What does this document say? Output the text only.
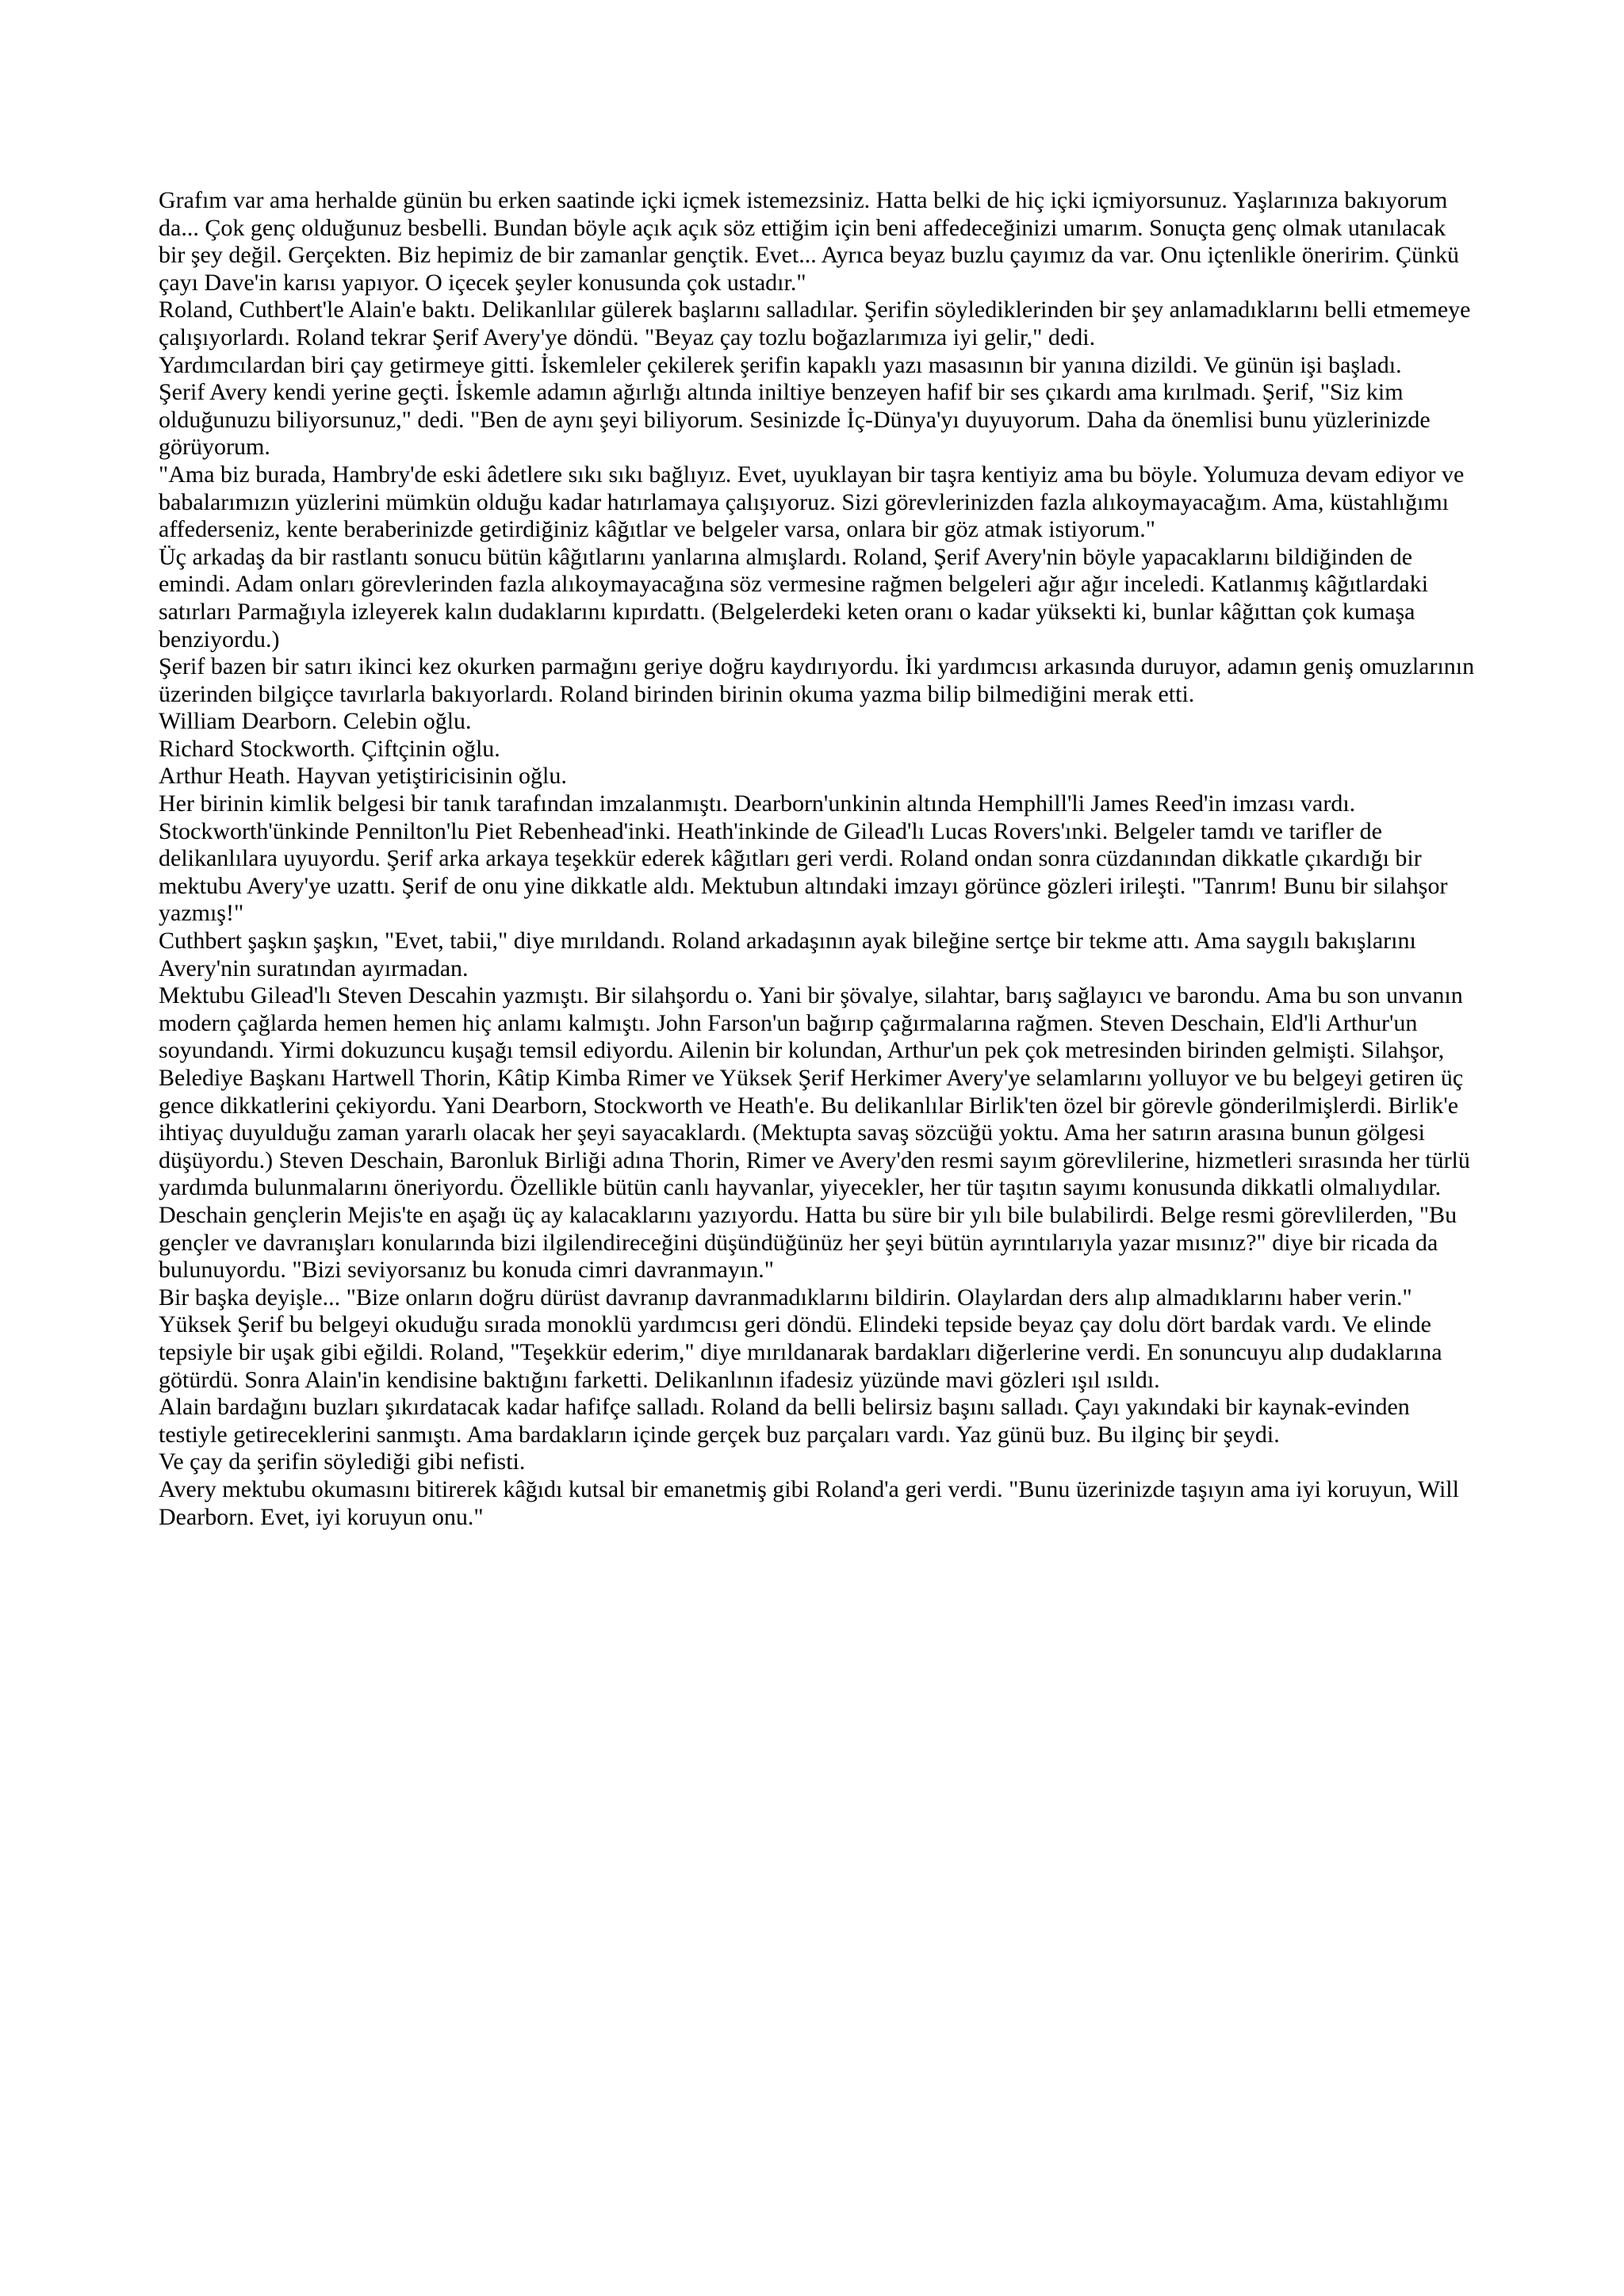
Grafım var ama herhalde günün bu erken saatinde içki içmek istemezsiniz. Hatta belki de hiç içki içmiyorsunuz. Yaşlarınıza bakıyorum da... Çok genç olduğunuz besbelli. Bundan böyle açık açık söz ettiğim için beni affedeceğinizi umarım. Sonuçta genç olmak utanılacak bir şey değil. Gerçekten. Biz hepimiz de bir zamanlar gençtik. Evet... Ayrıca beyaz buzlu çayımız da var. Onu içtenlikle öneririm. Çünkü çayı Dave'in karısı yapıyor. O içecek şeyler konusunda çok ustadır."

Roland, Cuthbert'le Alain'e baktı. Delikanlılar gülerek başlarını salladılar. Şerifin söylediklerinden bir şey anlamadıklarını belli etmemeye çalışıyorlardı. Roland tekrar Şerif Avery'ye döndü. "Beyaz çay tozlu boğazlarımıza iyi gelir," dedi.

Yardımcılardan biri çay getirmeye gitti. İskemleler çekilerek şerifin kapaklı yazı masasının bir yanına dizildi. Ve günün işi başladı.

Şerif Avery kendi yerine geçti. İskemle adamın ağırlığı altında iniltiye benzeyen hafif bir ses çıkardı ama kırılmadı. Şerif, "Siz kim olduğunuzu biliyorsunuz," dedi. "Ben de aynı şeyi biliyorum. Sesinizde İç-Dünya'yı duyuyorum. Daha da önemlisi bunu yüzlerinizde görüyorum.

"Ama biz burada, Hambry'de eski âdetlere sıkı sıkı bağlıyız. Evet, uyuklayan bir taşra kentiyiz ama bu böyle. Yolumuza devam ediyor ve babalarımızın yüzlerini mümkün olduğu kadar hatırlamaya çalışıyoruz. Sizi görevlerinizden fazla alıkoymayacağım. Ama, küstahlığımı affederseniz, kente beraberinizde getirdiğiniz kâğıtlar ve belgeler varsa, onlara bir göz atmak istiyorum."

Üç arkadaş da bir rastlantı sonucu bütün kâğıtlarını yanlarına almışlardı. Roland, Şerif Avery'nin böyle yapacaklarını bildiğinden de emindi. Adam onları görevlerinden fazla alıkoymayacağına söz vermesine rağmen belgeleri ağır ağır inceledi. Katlanmış kâğıtlardaki satırları Parmağıyla izleyerek kalın dudaklarını kıpırdattı. (Belgelerdeki keten oranı o kadar yüksekti ki, bunlar kâğıttan çok kumaşa benziyordu.)

Şerif bazen bir satırı ikinci kez okurken parmağını geriye doğru kaydırıyordu. İki yardımcısı arkasında duruyor, adamın geniş omuzlarının üzerinden bilgiçce tavırlarla bakıyorlardı. Roland birinden birinin okuma yazma bilip bilmediğini merak etti.

William Dearborn. Celebin oğlu.

Richard Stockworth. Çiftçinin oğlu.

Arthur Heath. Hayvan yetiştiricisinin oğlu.

Her birinin kimlik belgesi bir tanık tarafından imzalanmıştı. Dearborn'unkinin altında Hemphill'li James Reed'in imzası vardı. Stockworth'ünkinde Pennilton'lu Piet Rebenhead'inki. Heath'inkinde de Gilead'lı Lucas Rovers'ınki. Belgeler tamdı ve tarifler de delikanlılara uyuyordu. Şerif arka arkaya teşekkür ederek kâğıtları geri verdi. Roland ondan sonra cüzdanından dikkatle çıkardığı bir mektubu Avery'ye uzattı. Şerif de onu yine dikkatle aldı. Mektubun altındaki imzayı görünce gözleri irileşti. "Tanrım! Bunu bir silahşor yazmış!"

Cuthbert şaşkın şaşkın, "Evet, tabii," diye mırıldandı. Roland arkadaşının ayak bileğine sertçe bir tekme attı. Ama saygılı bakışlarını Avery'nin suratından ayırmadan.

Mektubu Gilead'lı Steven Descahin yazmıştı. Bir silahşordu o. Yani bir şövalye, silahtar, barış sağlayıcı ve barondu. Ama bu son unvanın modern çağlarda hemen hemen hiç anlamı kalmıştı. John Farson'un bağırıp çağırmalarına rağmen. Steven Deschain, Eld'li Arthur'un soyundandı. Yirmi dokuzuncu kuşağı temsil ediyordu. Ailenin bir kolundan, Arthur'un pek çok metresinden birinden gelmişti. Silahşor, Belediye Başkanı Hartwell Thorin, Kâtip Kimba Rimer ve Yüksek Şerif Herkimer Avery'ye selamlarını yolluyor ve bu belgeyi getiren üç gence dikkatlerini çekiyordu. Yani Dearborn, Stockworth ve Heath'e. Bu delikanlılar Birlik'ten özel bir görevle gönderilmişlerdi. Birlik'e ihtiyaç duyulduğu zaman yararlı olacak her şeyi sayacaklardı. (Mektupta savaş sözcüğü yoktu. Ama her satırın arasına bunun gölgesi düşüyordu.) Steven Deschain, Baronluk Birliği adına Thorin, Rimer ve Avery'den resmi sayım görevlilerine, hizmetleri sırasında her türlü yardımda bulunmalarını öneriyordu. Özellikle bütün canlı hayvanlar, yiyecekler, her tür taşıtın sayımı konusunda dikkatli olmalıydılar. Deschain gençlerin Mejis'te en aşağı üç ay kalacaklarını yazıyordu. Hatta bu süre bir yılı bile bulabilirdi. Belge resmi görevlilerden, "Bu gençler ve davranışları konularında bizi ilgilendireceğini düşündüğünüz her şeyi bütün ayrıntılarıyla yazar mısınız?" diye bir ricada da bulunuyordu. "Bizi seviyorsanız bu konuda cimri davranmayın."

Bir başka deyişle... "Bize onların doğru dürüst davranıp davranmadıklarını bildirin. Olaylardan ders alıp almadıklarını haber verin."

Yüksek Şerif bu belgeyi okuduğu sırada monoklü yardımcısı geri döndü. Elindeki tepside beyaz çay dolu dört bardak vardı. Ve elinde tepsiyle bir uşak gibi eğildi. Roland, "Teşekkür ederim," diye mırıldanarak bardakları diğerlerine verdi. En sonuncuyu alıp dudaklarına götürdü. Sonra Alain'in kendisine baktığını farketti. Delikanlının ifadesiz yüzünde mavi gözleri ışıl ısıldı.

Alain bardağını buzları şıkırdatacak kadar hafifçe salladı. Roland da belli belirsiz başını salladı. Çayı yakındaki bir kaynak-evinden testiyle getireceklerini sanmıştı. Ama bardakların içinde gerçek buz parçaları vardı. Yaz günü buz. Bu ilginç bir şeydi.

Ve çay da şerifin söylediği gibi nefisti.

Avery mektubu okumasını bitirerek kâğıdı kutsal bir emanetmiş gibi Roland'a geri verdi. "Bunu üzerinizde taşıyın ama iyi koruyun, Will Dearborn. Evet, iyi koruyun onu."
